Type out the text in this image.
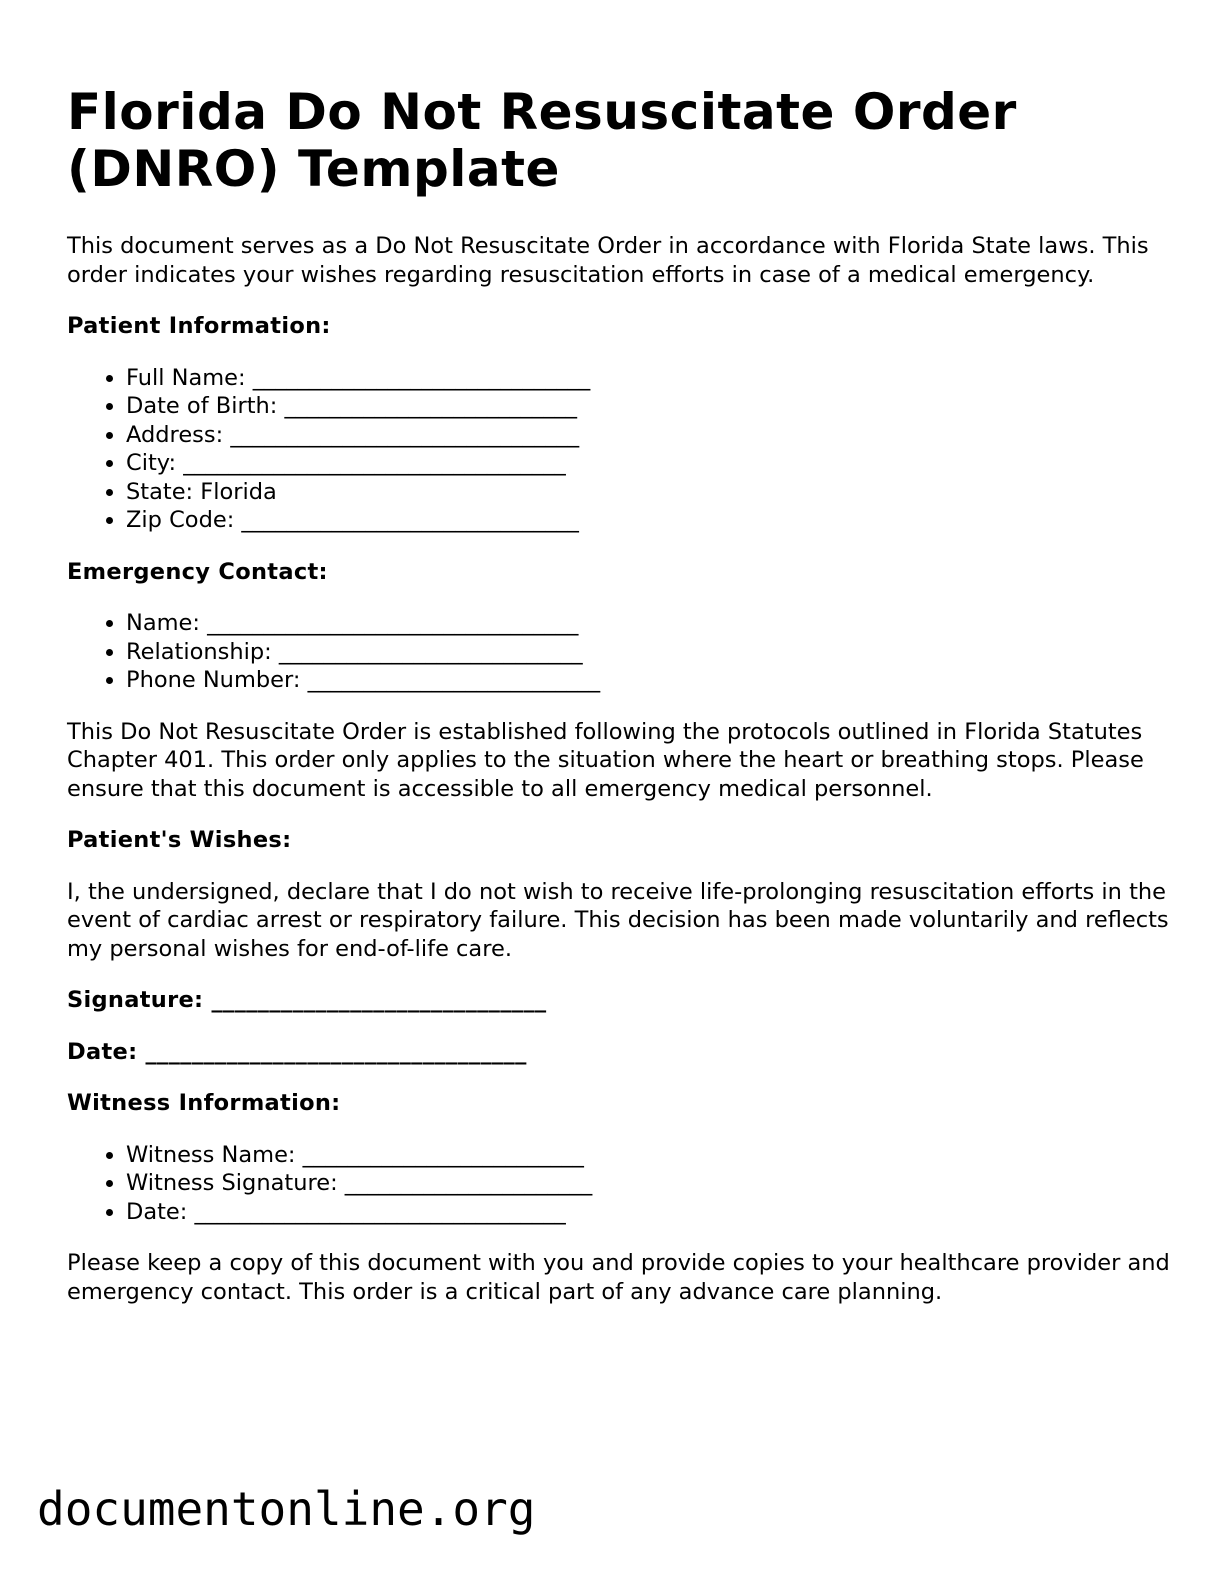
Florida Do Not Resuscitate Order (DNRO) Template

This document serves as a Do Not Resuscitate Order in accordance with Florida State laws. This order indicates your wishes regarding resuscitation efforts in case of a medical emergency.

Patient Information:
• Full Name: ______________________________
• Date of Birth: __________________________
• Address: _______________________________
• City: __________________________________
• State: Florida
• Zip Code: ______________________________
Emergency Contact:
• Name: _________________________________
• Relationship: ___________________________
• Phone Number: __________________________

This Do Not Resuscitate Order is established following the protocols outlined in Florida Statutes Chapter 401. This order only applies to the situation where the heart or breathing stops. Please ensure that this document is accessible to all emergency medical personnel.

Patient's Wishes:

I, the undersigned, declare that I do not wish to receive life-prolonging resuscitation efforts in the event of cardiac arrest or respiratory failure. This decision has been made voluntarily and reflects my personal wishes for end-of-life care.

Signature: _____________________________
Date: _________________________________
Witness Information:
• Witness Name: _________________________
• Witness Signature: ______________________
• Date: _________________________________

Please keep a copy of this document with you and provide copies to your healthcare provider and emergency contact. This order is a critical part of any advance care planning.

documentonline.org
